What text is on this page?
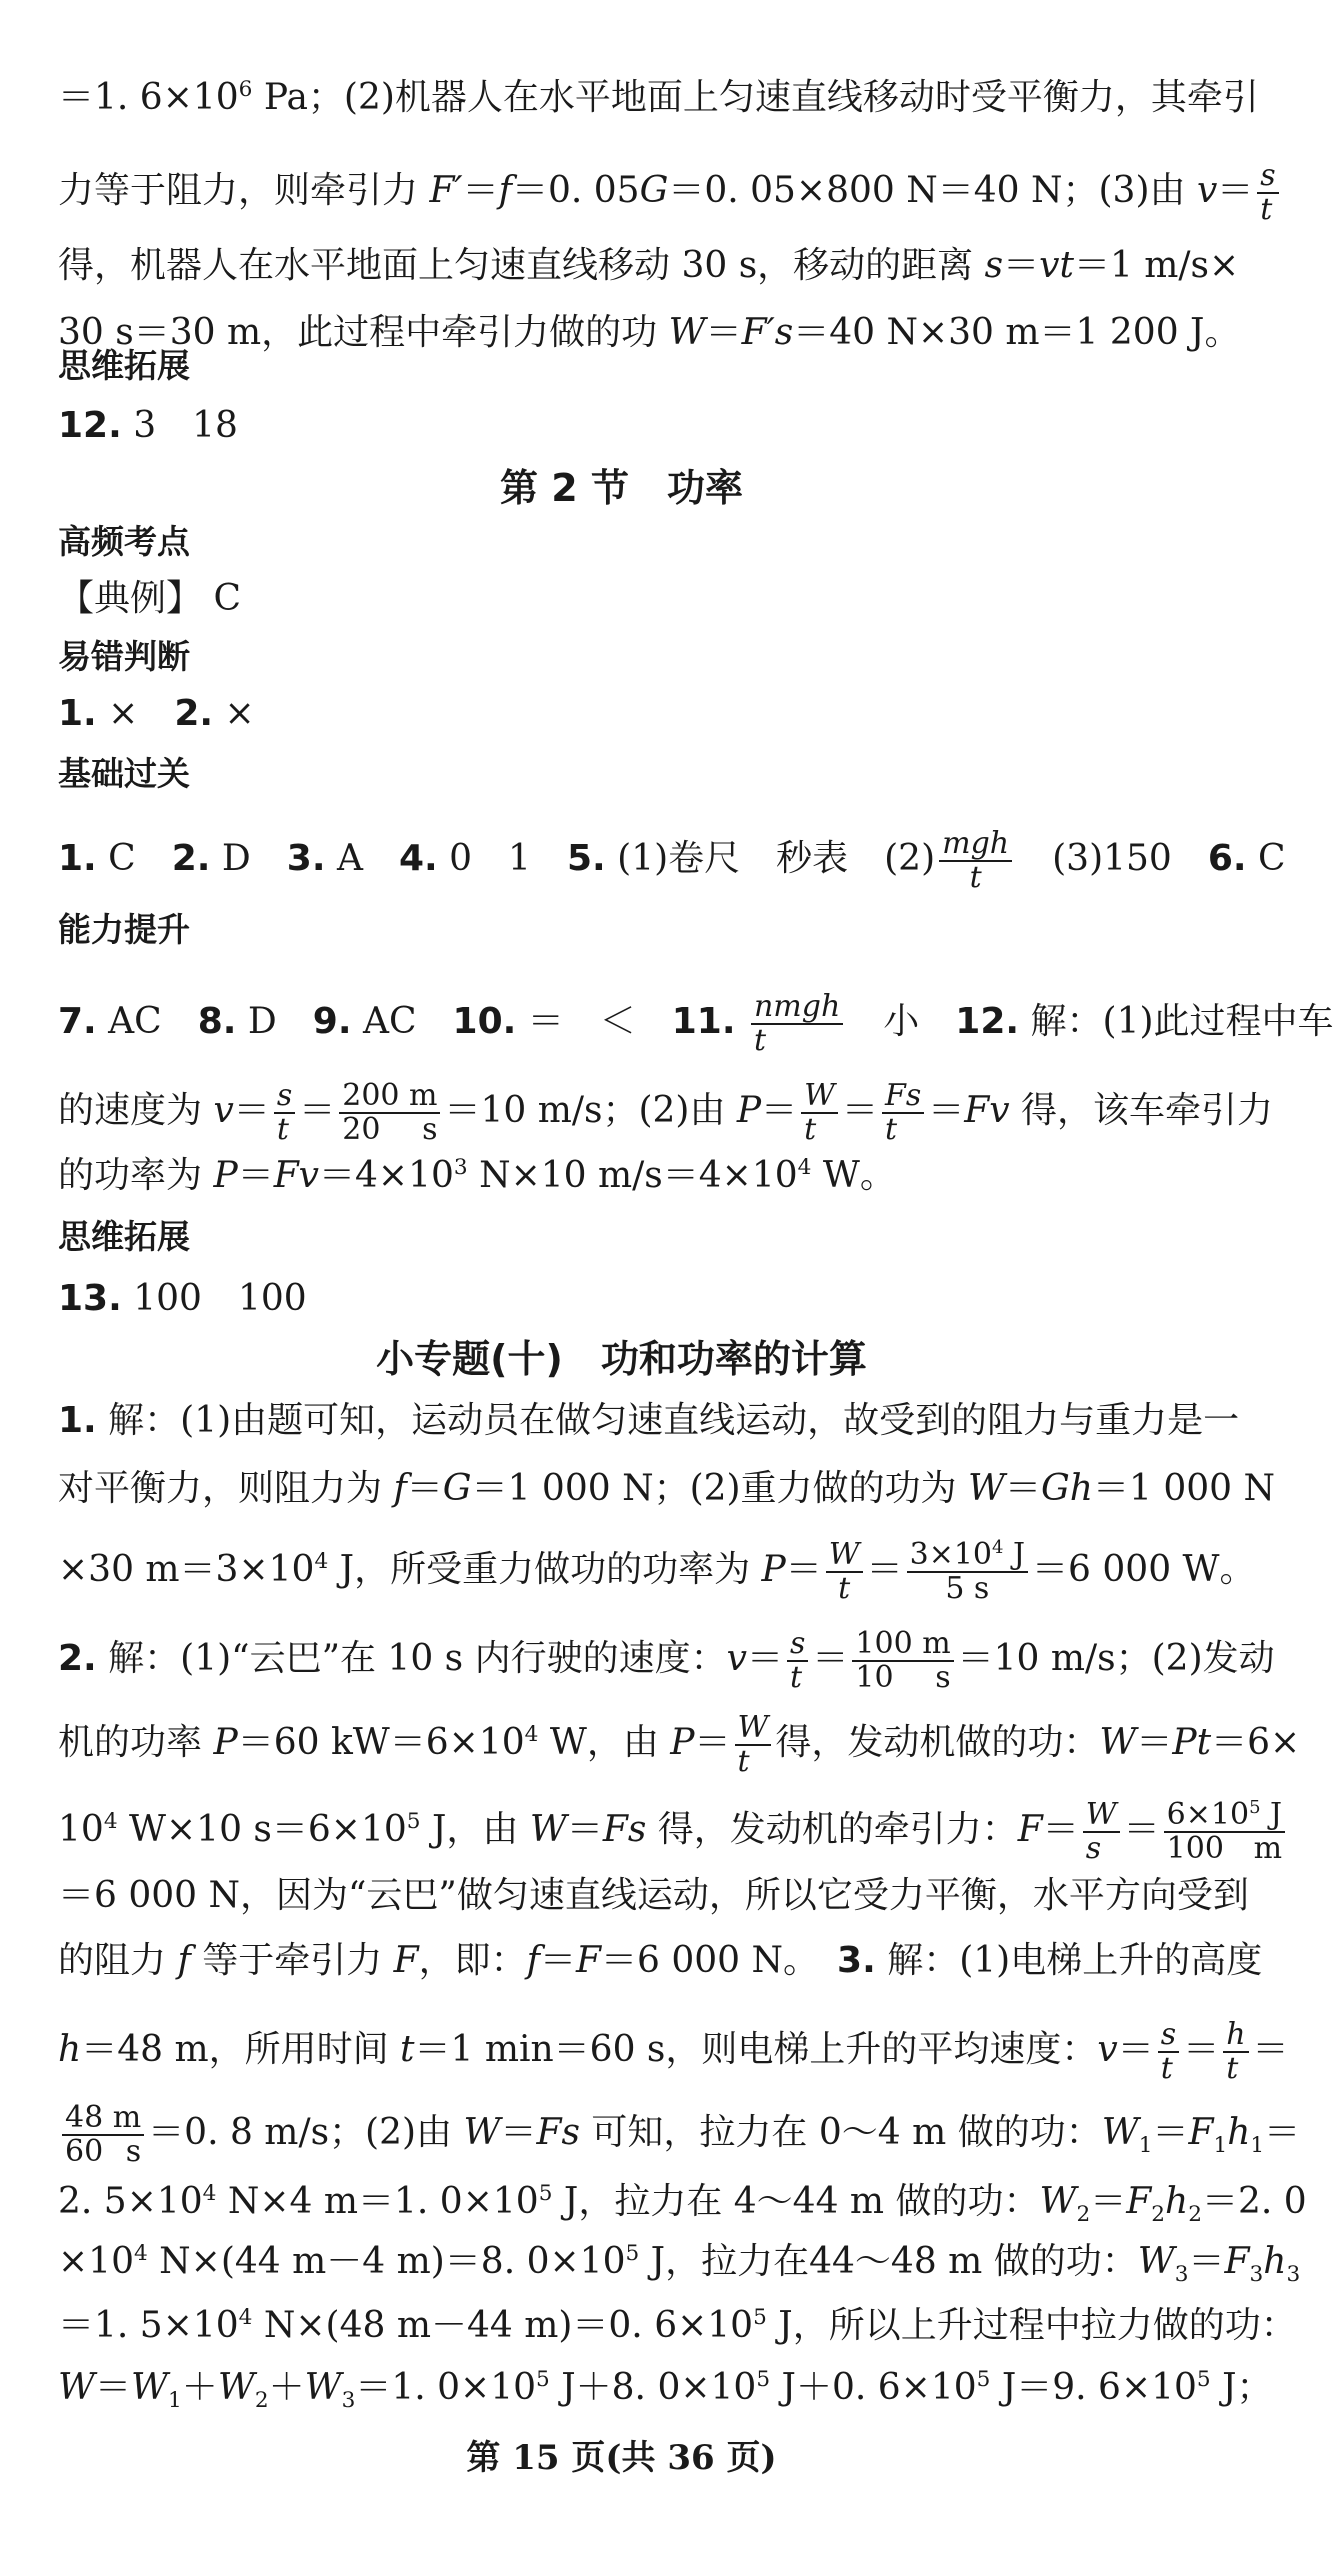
＝1. $6\times 10^6$ Pa；(2)机器人在水平地面上匀速直线移动时受平衡力，其牵引
力等于阻力，则牵引力 F′＝f＝0. 05G＝0. 05×800 N＝40 N；(3)由 $v= \frac{s}{t}$
得，机器人在水平地面上匀速直线移动 30 s，移动的距离 s＝vt＝1 m/s×
30 s＝30 m，此过程中牵引力做的功 W＝F′s＝40 N×30 m＝1 200 J。
思维拓展
12. 3　18
第 2 节　功率
高频考点
【典例】 C
易错判断
1. ×　2. ×
基础过关
1. C　2. D　3. A　4. 0　1　5. (1)卷尺　秒表　$(2) \frac{\text{mgh}}{t}$ 　(3)150　6. C
能力提升
7. AC　8. D　9. AC　10. ＝　＜　11. $\frac{\text{nmgh}}{t}$ 　小　12. 解：(1)此过程中车
的速度为 $v= \frac{s}{t} = \frac{200 m}{20 s} =10$ m/s；(2)由 $P= \frac{W}{t} = \frac{Fs}{t} =Fv$ 得，该车牵引力
的功率为 $P=Fv=4\times 10^3$ N×10 $m/s=4\times 10^4$ W。
思维拓展
13. 100　100
小专题(十)　功和功率的计算
1. 解：(1)由题可知，运动员在做匀速直线运动，故受到的阻力与重力是一
对平衡力，则阻力为 f＝G＝1 000 N；(2)重力做的功为 W＝Gh＝1 000 N
×30 $m=3\times 10^4$ J，所受重力做功的功率为 $P= \frac{W}{t} = \frac{3\times 10^4 J}{5 s} =6$ 000 W。
2. 解：(1)“云巴”在 10 s 内行驶的速度：$v= \frac{s}{t} = \frac{100 m}{10 s} =10$ m/s；(2)发动
机的功率 P＝60 $kW=6\times 10^4$ W，由 $P= \frac{W}{t}$ 得，发动机做的功：W＝Pt＝6×
$10^4$ W×10 $s=6\times 10^5$ J，由 W＝Fs 得，发动机的牵引力：$F= \frac{W}{s} = \frac{6\times 10^5 J}{100 m}$
＝6 000 N，因为“云巴”做匀速直线运动，所以它受力平衡，水平方向受到
的阻力 f 等于牵引力 F，即：f＝F＝6 000 N。　3. 解：(1)电梯上升的高度
h＝48 m，所用时间 t＝1 min＝60 s，则电梯上升的平均速度：$v= \frac{s}{t} = \frac{h}{t}$ ＝
$\frac{48 m}{60 s} =0$. 8 m/s；(2)由 W＝Fs 可知，拉力在 0～4 m 做的功：$W_1=F_1h_1=$
2. $5\times 10^4$ N×4 m＝1. $0\times 10^5$ J，拉力在 4～44 m 做的功：$W_2=F_2h_2=2$. 0
$\times 10^4$ N×(44 m－4 m)＝8. $0\times 10^5$ J，拉力在44～48 m 做的功：$W_3=F_3h_3$
＝1. $5\times 10^4$ N×(48 m－44 m)＝0. $6\times 10^5$ J，所以上升过程中拉力做的功：
$W=W_1+W_2+W_3=1$. $0\times 10^5$ J＋8. $0\times 10^5$ J＋0. $6\times 10^5$ J＝9. $6\times 10^5$ J；
第 15 页(共 36 页)
